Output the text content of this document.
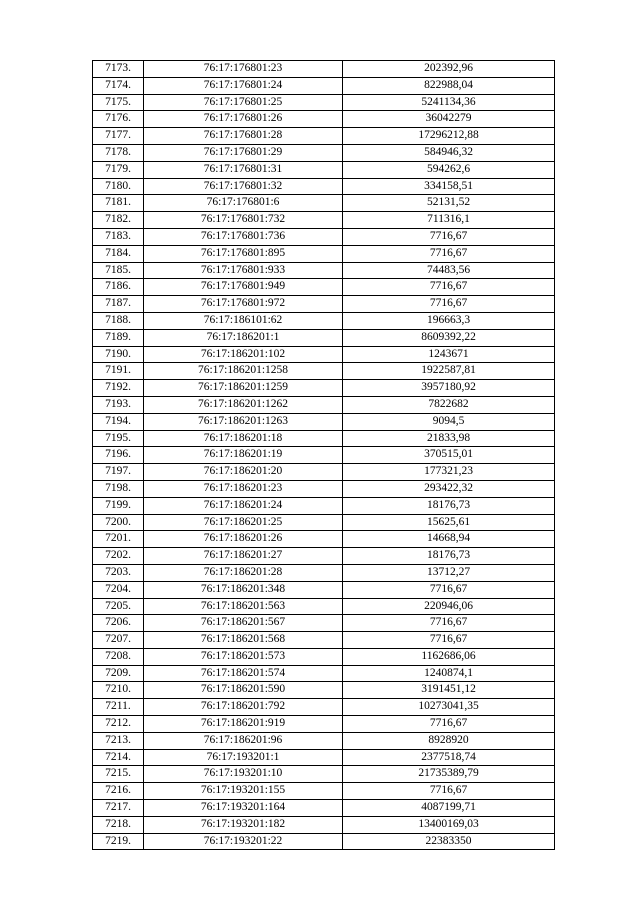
7173.	76:17:176801:23	202392,96
7174.	76:17:176801:24	822988,04
7175.	76:17:176801:25	5241134,36
7176.	76:17:176801:26	36042279
7177.	76:17:176801:28	17296212,88
7178.	76:17:176801:29	584946,32
7179.	76:17:176801:31	594262,6
7180.	76:17:176801:32	334158,51
7181.	76:17:176801:6	52131,52
7182.	76:17:176801:732	711316,1
7183.	76:17:176801:736	7716,67
7184.	76:17:176801:895	7716,67
7185.	76:17:176801:933	74483,56
7186.	76:17:176801:949	7716,67
7187.	76:17:176801:972	7716,67
7188.	76:17:186101:62	196663,3
7189.	76:17:186201:1	8609392,22
7190.	76:17:186201:102	1243671
7191.	76:17:186201:1258	1922587,81
7192.	76:17:186201:1259	3957180,92
7193.	76:17:186201:1262	7822682
7194.	76:17:186201:1263	9094,5
7195.	76:17:186201:18	21833,98
7196.	76:17:186201:19	370515,01
7197.	76:17:186201:20	177321,23
7198.	76:17:186201:23	293422,32
7199.	76:17:186201:24	18176,73
7200.	76:17:186201:25	15625,61
7201.	76:17:186201:26	14668,94
7202.	76:17:186201:27	18176,73
7203.	76:17:186201:28	13712,27
7204.	76:17:186201:348	7716,67
7205.	76:17:186201:563	220946,06
7206.	76:17:186201:567	7716,67
7207.	76:17:186201:568	7716,67
7208.	76:17:186201:573	1162686,06
7209.	76:17:186201:574	1240874,1
7210.	76:17:186201:590	3191451,12
7211.	76:17:186201:792	10273041,35
7212.	76:17:186201:919	7716,67
7213.	76:17:186201:96	8928920
7214.	76:17:193201:1	2377518,74
7215.	76:17:193201:10	21735389,79
7216.	76:17:193201:155	7716,67
7217.	76:17:193201:164	4087199,71
7218.	76:17:193201:182	13400169,03
7219.	76:17:193201:22	22383350
